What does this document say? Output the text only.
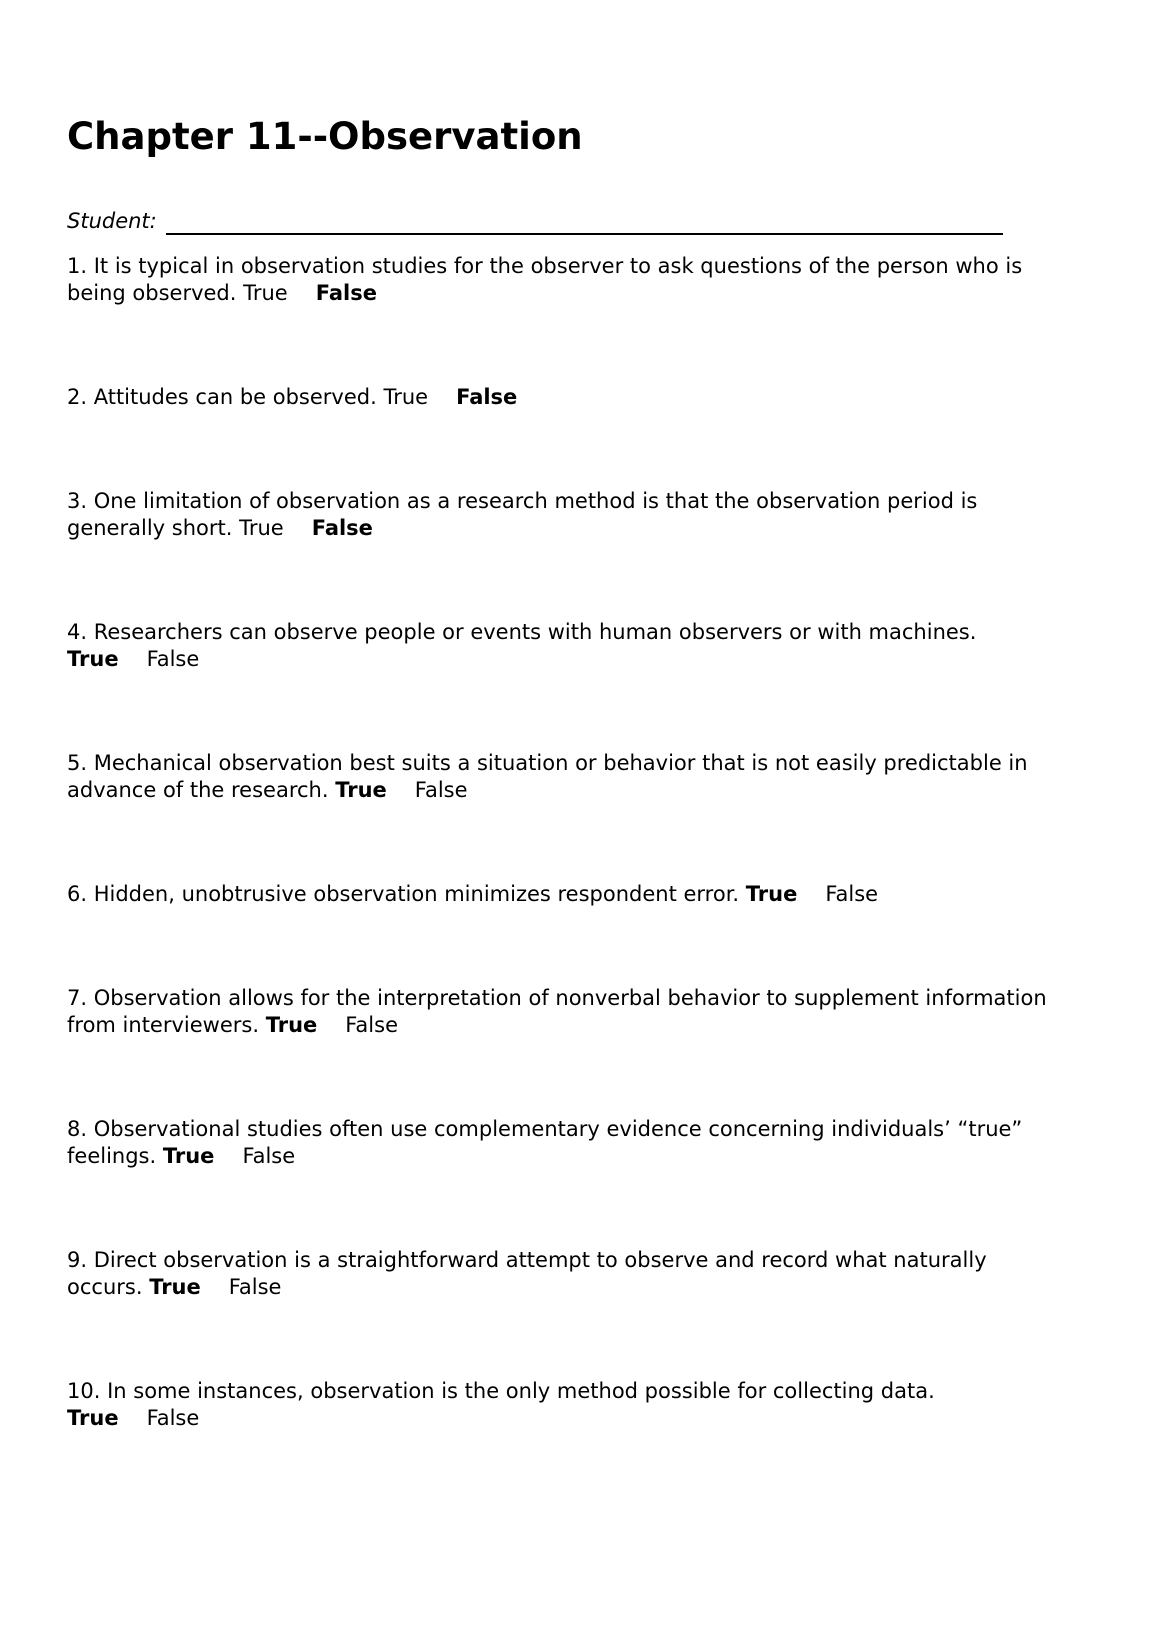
Chapter 11--Observation
Student:
1. It is typical in observation studies for the observer to ask questions of the person who is being observed. True False
2. Attitudes can be observed. True False
3. One limitation of observation as a research method is that the observation period is generally short. True False
4. Researchers can observe people or events with human observers or with machines. True False
5. Mechanical observation best suits a situation or behavior that is not easily predictable in advance of the research. True False
6. Hidden, unobtrusive observation minimizes respondent error. True False
7. Observation allows for the interpretation of nonverbal behavior to supplement information from interviewers. True False
8. Observational studies often use complementary evidence concerning individuals’ “true” feelings. True False
9. Direct observation is a straightforward attempt to observe and record what naturally occurs. True False
10. In some instances, observation is the only method possible for collecting data. True False
